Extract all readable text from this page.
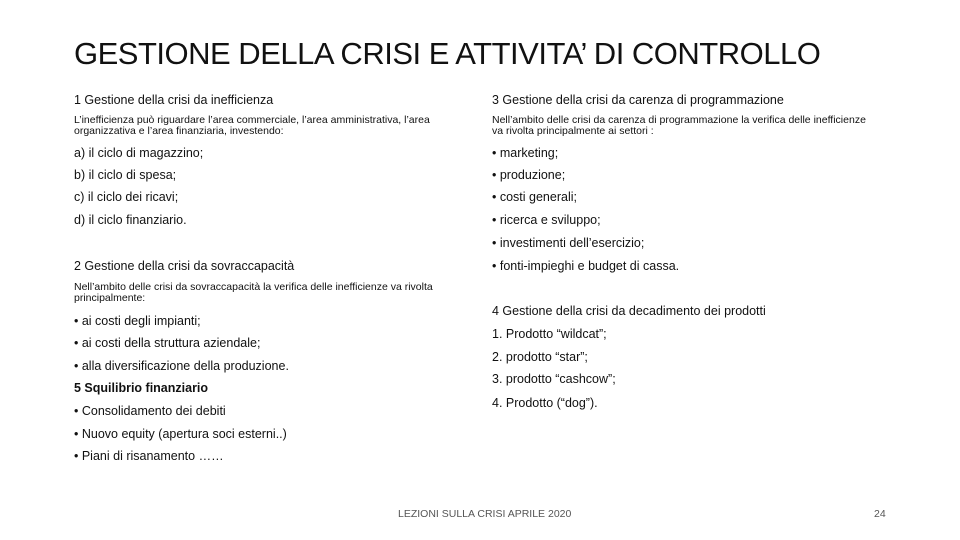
GESTIONE DELLA CRISI E ATTIVITA’ DI CONTROLLO
1 Gestione della crisi da inefficienza
L’inefficienza può riguardare l’area commerciale, l’area amministrativa, l’area organizzativa e l’area finanziaria, investendo:
a) il ciclo di magazzino;
b) il ciclo di spesa;
c) il ciclo dei ricavi;
d) il ciclo finanziario.
2 Gestione della crisi da sovraccapacità
Nell’ambito delle crisi da sovraccapacità la verifica delle inefficienze va rivolta principalmente:
• ai costi degli impianti;
• ai costi della struttura aziendale;
• alla diversificazione della produzione.
5 Squilibrio finanziario
• Consolidamento dei debiti
• Nuovo equity (apertura soci esterni..)
• Piani di risanamento ……
3 Gestione della crisi da carenza di programmazione
Nell’ambito delle crisi da carenza di programmazione la verifica delle inefficienze va rivolta principalmente ai settori :
• marketing;
• produzione;
• costi generali;
• ricerca e sviluppo;
• investimenti dell’esercizio;
• fonti-impieghi e budget di cassa.
4 Gestione della crisi da decadimento dei prodotti
1. Prodotto “wildcat”;
2. prodotto “star”;
3. prodotto “cashcow”;
4. Prodotto (“dog”).
LEZIONI SULLA CRISI APRILE 2020	24
